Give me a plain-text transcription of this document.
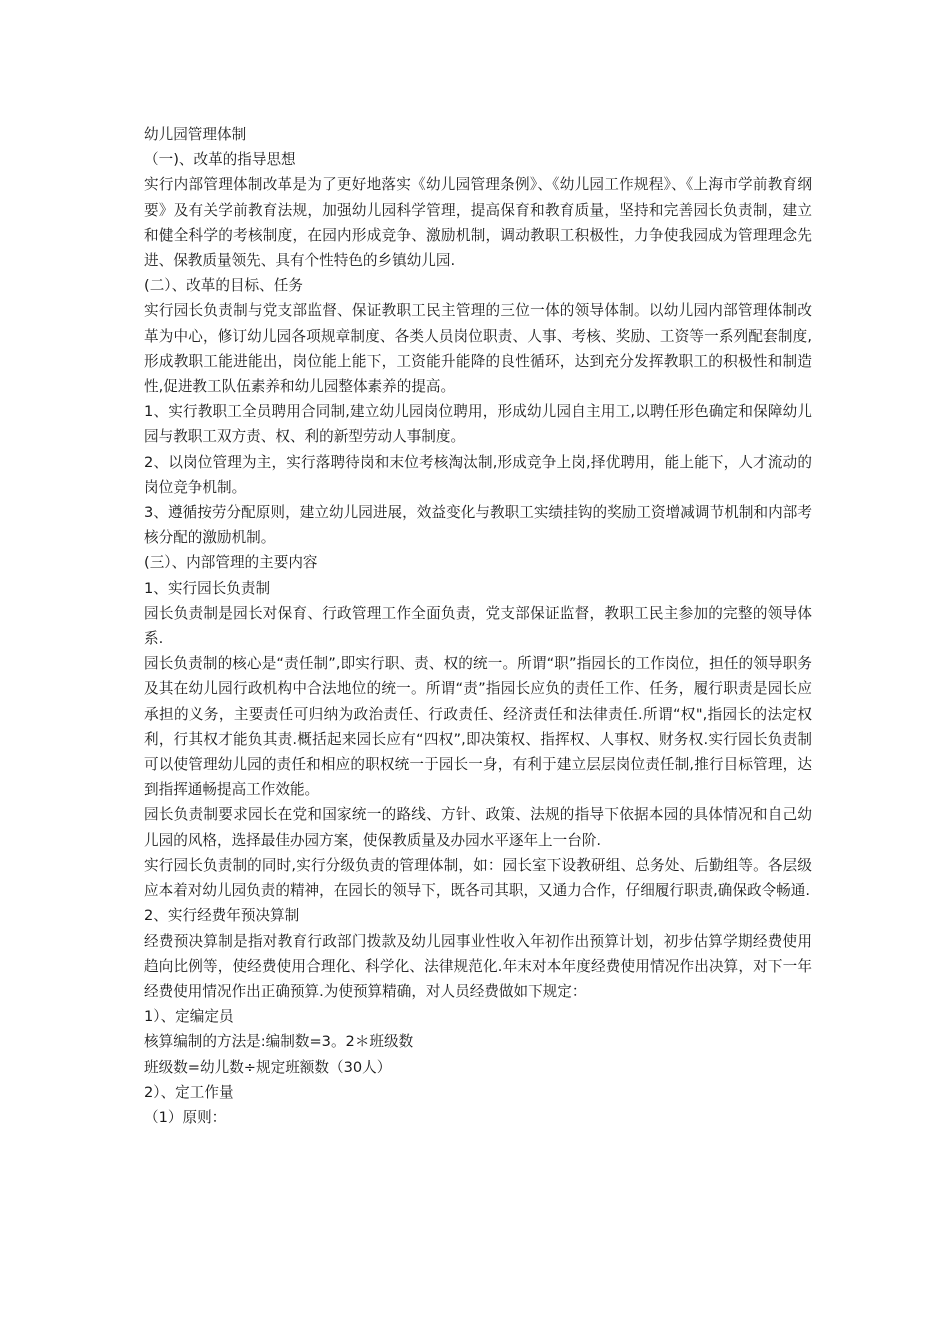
幼儿园管理体制

（一)、改革的指导思想

实行内部管理体制改革是为了更好地落实《幼儿园管理条例》、《幼儿园工作规程》、《上海市学前教育纲要》及有关学前教育法规，加强幼儿园科学管理，提高保育和教育质量，坚持和完善园长负责制，建立和健全科学的考核制度，在园内形成竞争、激励机制，调动教职工积极性，力争使我园成为管理理念先进、保教质量领先、具有个性特色的乡镇幼儿园.

(二）、改革的目标、任务

实行园长负责制与党支部监督、保证教职工民主管理的三位一体的领导体制。以幼儿园内部管理体制改革为中心，修订幼儿园各项规章制度、各类人员岗位职责、人事、考核、奖励、工资等一系列配套制度,形成教职工能进能出，岗位能上能下，工资能升能降的良性循环，达到充分发挥教职工的积极性和制造性,促进教工队伍素养和幼儿园整体素养的提高。

1、实行教职工全员聘用合同制,建立幼儿园岗位聘用，形成幼儿园自主用工,以聘任形色确定和保障幼儿园与教职工双方责、权、利的新型劳动人事制度。

2、以岗位管理为主，实行落聘待岗和末位考核淘汰制,形成竞争上岗,择优聘用，能上能下，人才流动的岗位竞争机制。

3、遵循按劳分配原则，建立幼儿园进展，效益变化与教职工实绩挂钩的奖励工资增减调节机制和内部考核分配的激励机制。

(三）、内部管理的主要内容

1、实行园长负责制

园长负责制是园长对保育、行政管理工作全面负责，党支部保证监督，教职工民主参加的完整的领导体系.

园长负责制的核心是“责任制”,即实行职、责、权的统一。所谓“职”指园长的工作岗位，担任的领导职务及其在幼儿园行政机构中合法地位的统一。所谓“责”指园长应负的责任工作、任务，履行职责是园长应承担的义务，主要责任可归纳为政治责任、行政责任、经济责任和法律责任.所谓“权",指园长的法定权利，行其权才能负其责.概括起来园长应有“四权”,即决策权、指挥权、人事权、财务权.实行园长负责制可以使管理幼儿园的责任和相应的职权统一于园长一身，有利于建立层层岗位责任制,推行目标管理，达到指挥通畅提高工作效能。

园长负责制要求园长在党和国家统一的路线、方针、政策、法规的指导下依据本园的具体情况和自己幼儿园的风格，选择最佳办园方案，使保教质量及办园水平逐年上一台阶.

实行园长负责制的同时,实行分级负责的管理体制，如：园长室下设教研组、总务处、后勤组等。各层级应本着对幼儿园负责的精神，在园长的领导下，既各司其职，又通力合作，仔细履行职责,确保政令畅通.

2、实行经费年预决算制

经费预决算制是指对教育行政部门拨款及幼儿园事业性收入年初作出预算计划，初步估算学期经费使用趋向比例等，使经费使用合理化、科学化、法律规范化.年末对本年度经费使用情况作出决算，对下一年经费使用情况作出正确预算.为使预算精确，对人员经费做如下规定：

1）、定编定员

核算编制的方法是:编制数=3。2＊班级数

班级数=幼儿数÷规定班额数（30人）

2）、定工作量

（1）原则：
